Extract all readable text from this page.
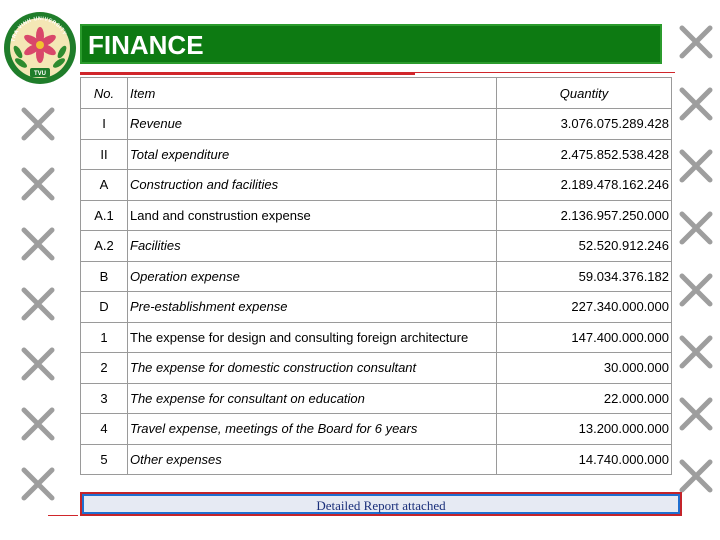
TRA VINH UNIVERSITY
TVU
FINANCE
No.	Item	Quantity
I	Revenue	3.076.075.289.428
II	Total expenditure	2.475.852.538.428
A	Construction and facilities	2.189.478.162.246
A.1	Land and construstion expense	2.136.957.250.000
A.2	Facilities	52.520.912.246
B	Operation expense	59.034.376.182
D	Pre-establishment expense	227.340.000.000
1	The expense for design and consulting foreign architecture	147.400.000.000
2	The expense for domestic construction consultant	30.000.000
3	The expense for consultant on education	22.000.000
4	Travel expense, meetings of the Board for 6 years	13.200.000.000
5	Other expenses	14.740.000.000
Detailed Report attached
